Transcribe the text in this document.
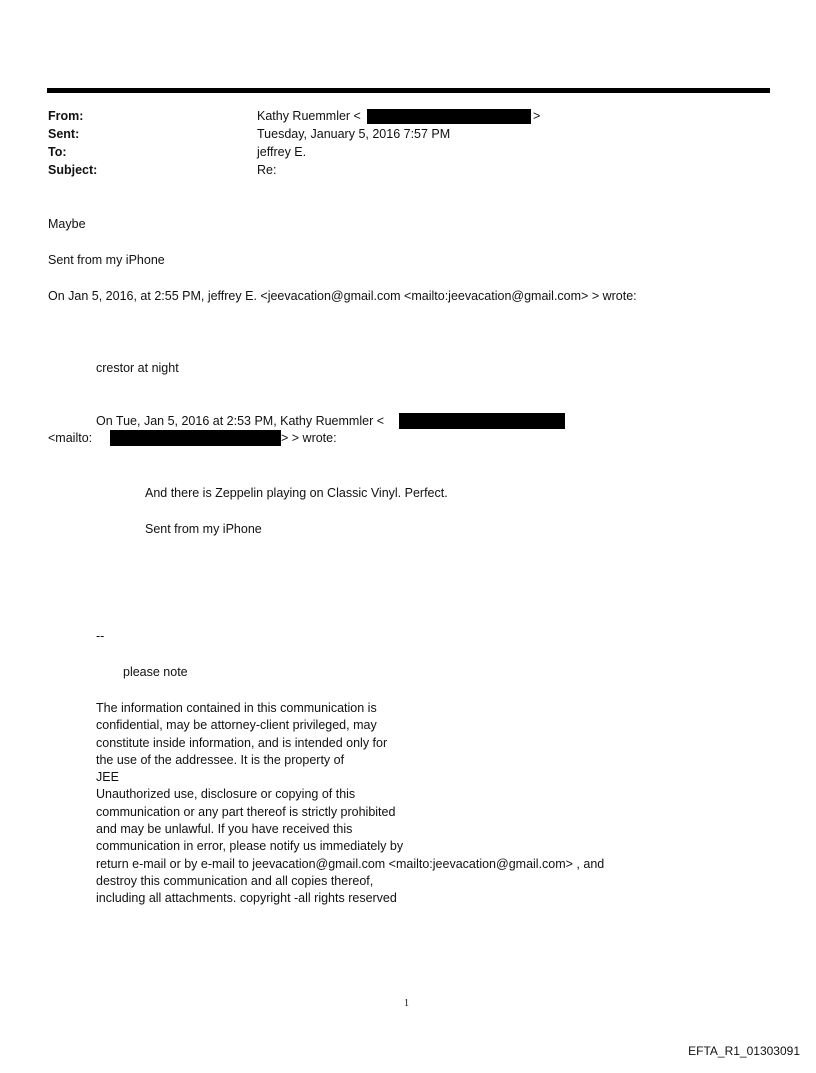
From:	Kathy Ruemmler <	>
Sent:	Tuesday, January 5, 2016 7:57 PM
To:	jeffrey E.
Subject:	Re:
Maybe
Sent from my iPhone
On Jan 5, 2016, at 2:55 PM, jeffrey E. <jeevacation@gmail.com <mailto:jeevacation@gmail.com> > wrote:
crestor at night
On Tue, Jan 5, 2016 at 2:53 PM, Kathy Ruemmler <
<mailto:	> > wrote:
And there is Zeppelin playing on Classic Vinyl. Perfect.
Sent from my iPhone
--
please note
The information contained in this communication is
confidential, may be attorney-client privileged, may
constitute inside information, and is intended only for
the use of the addressee. It is the property of
JEE
Unauthorized use, disclosure or copying of this
communication or any part thereof is strictly prohibited
and may be unlawful. If you have received this
communication in error, please notify us immediately by
return e-mail or by e-mail to jeevacation@gmail.com <mailto:jeevacation@gmail.com> , and
destroy this communication and all copies thereof,
including all attachments. copyright -all rights reserved
1
EFTA_R1_01303091
